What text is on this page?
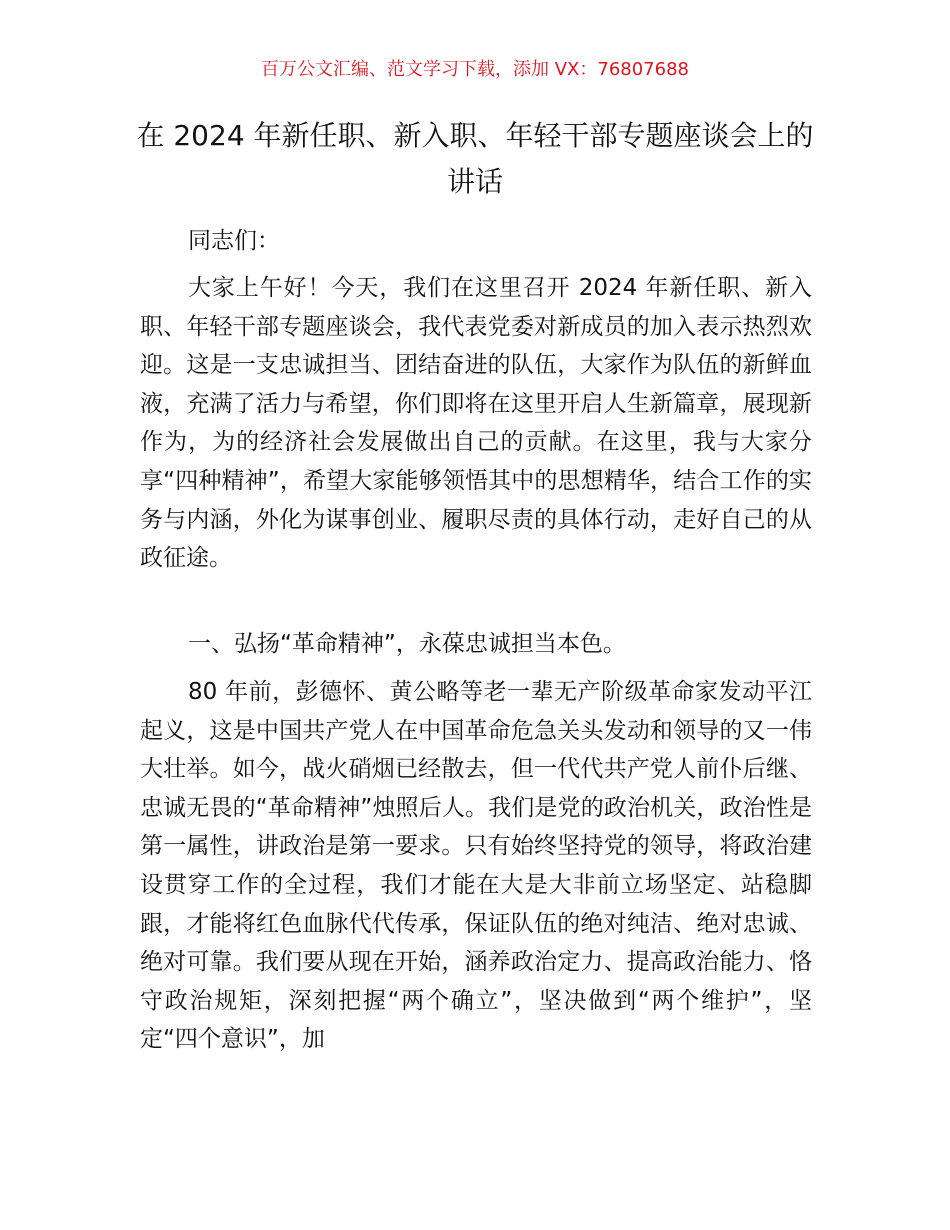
百万公文汇编、范文学习下载，添加 VX：76807688
在 2024 年新任职、新入职、年轻干部专题座谈会上的讲话

同志们：

大家上午好！今天，我们在这里召开 2024 年新任职、新入职、年轻干部专题座谈会，我代表党委对新成员的加入表示热烈欢迎。这是一支忠诚担当、团结奋进的队伍，大家作为队伍的新鲜血液，充满了活力与希望，你们即将在这里开启人生新篇章，展现新作为，为的经济社会发展做出自己的贡献。在这里，我与大家分享“四种精神”，希望大家能够领悟其中的思想精华，结合工作的实务与内涵，外化为谋事创业、履职尽责的具体行动，走好自己的从政征途。

一、弘扬“革命精神”，永葆忠诚担当本色。

80 年前，彭德怀、黄公略等老一辈无产阶级革命家发动平江起义，这是中国共产党人在中国革命危急关头发动和领导的又一伟大壮举。如今，战火硝烟已经散去，但一代代共产党人前仆后继、忠诚无畏的“革命精神”烛照后人。我们是党的政治机关，政治性是第一属性，讲政治是第一要求。只有始终坚持党的领导，将政治建设贯穿工作的全过程，我们才能在大是大非前立场坚定、站稳脚跟，才能将红色血脉代代传承，保证队伍的绝对纯洁、绝对忠诚、绝对可靠。我们要从现在开始，涵养政治定力、提高政治能力、恪守政治规矩，深刻把握“两个确立”，坚决做到“两个维护”，坚定“四个意识”，加
